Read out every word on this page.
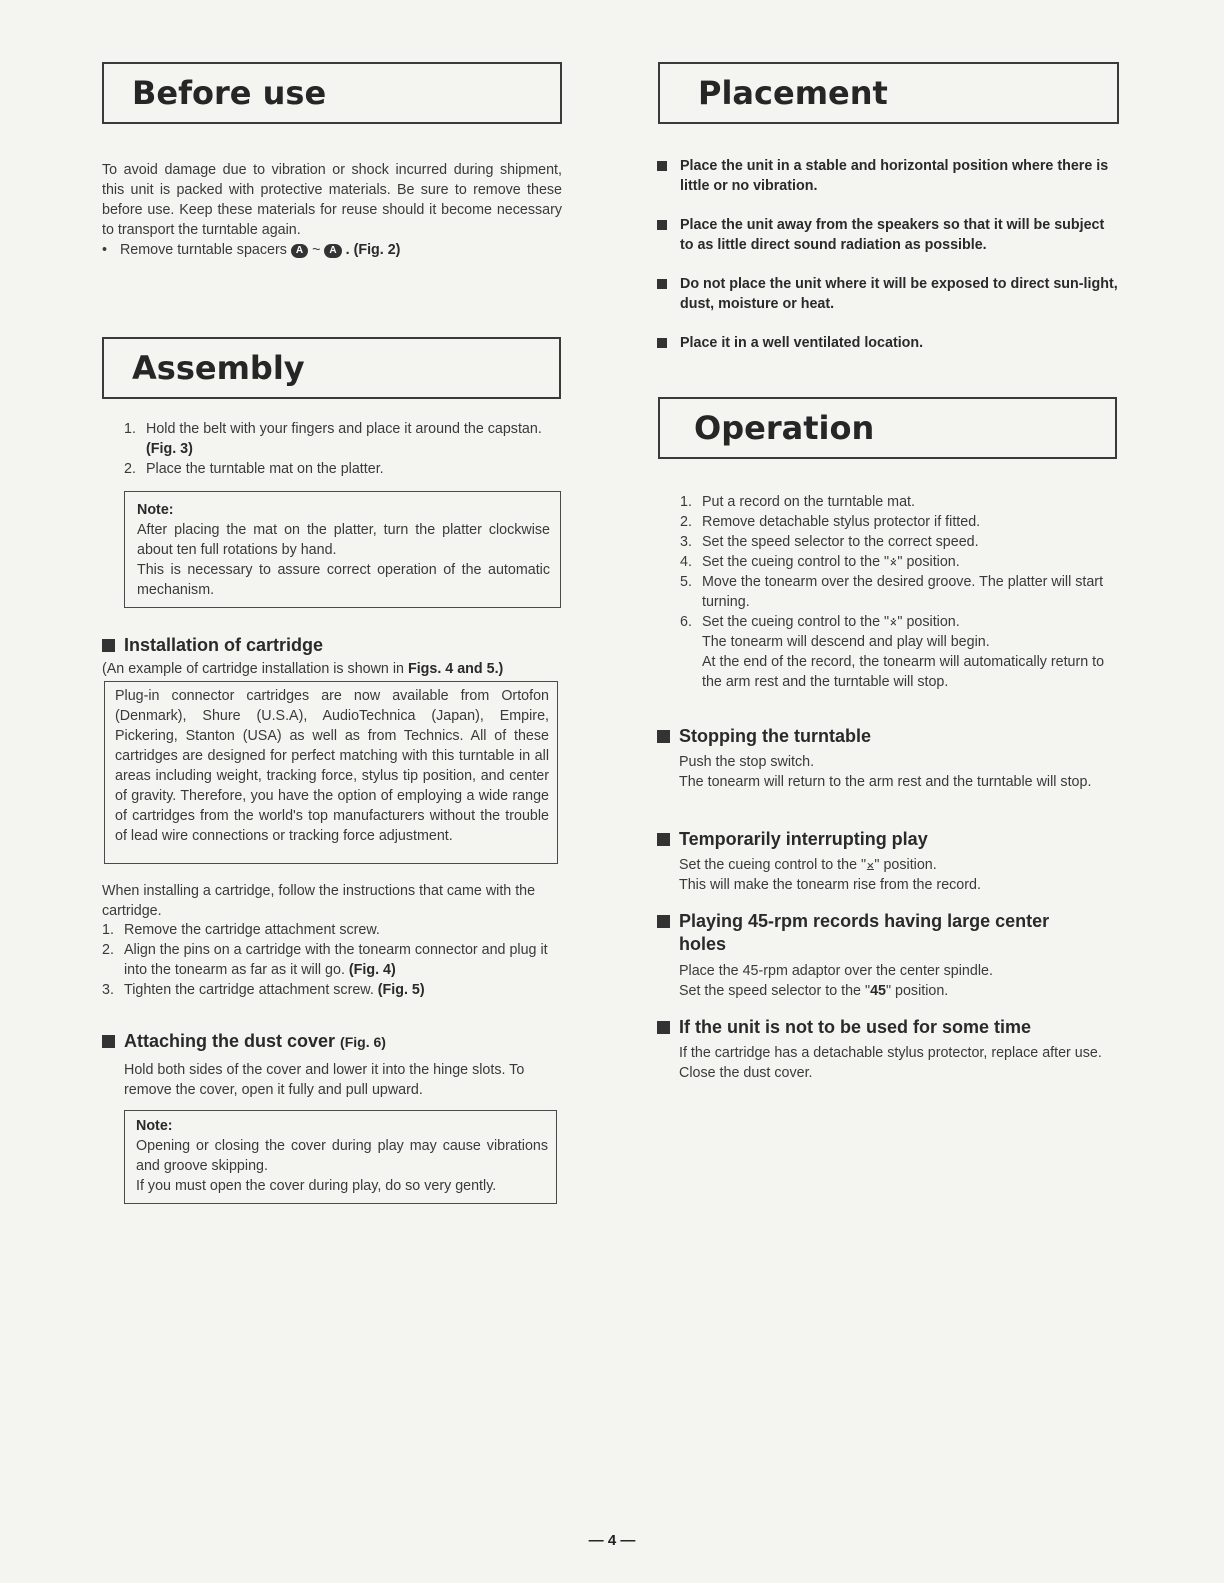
Before use

To avoid damage due to vibration or shock incurred during shipment, this unit is packed with protective materials. Be sure to remove these before use. Keep these materials for reuse should it become necessary to transport the turntable again.

• Remove turntable spacers A ~ A . (Fig. 2)
Assembly
1. Hold the belt with your fingers and place it around the capstan. (Fig. 3)
2. Place the turntable mat on the platter.
Note:
After placing the mat on the platter, turn the platter clockwise about ten full rotations by hand.
This is necessary to assure correct operation of the automatic mechanism.
Installation of cartridge
(An example of cartridge installation is shown in Figs. 4 and 5.)
Plug-in connector cartridges are now available from Ortofon (Denmark), Shure (U.S.A), AudioTechnica (Japan), Empire, Pickering, Stanton (USA) as well as from Technics. All of these cartridges are designed for perfect matching with this turntable in all areas including weight, tracking force, stylus tip position, and center of gravity. Therefore, you have the option of employing a wide range of cartridges from the world's top manufacturers without the trouble of lead wire connections or tracking force adjustment.

When installing a cartridge, follow the instructions that came with the cartridge.

1. Remove the cartridge attachment screw.
2. Align the pins on a cartridge with the tonearm connector and plug it into the tonearm as far as it will go. (Fig. 4)
3. Tighten the cartridge attachment screw. (Fig. 5)
Attaching the dust cover (Fig. 6)

Hold both sides of the cover and lower it into the hinge slots. To remove the cover, open it fully and pull upward.

Note:
Opening or closing the cover during play may cause vibrations and groove skipping.
If you must open the cover during play, do so very gently.
Placement
Place the unit in a stable and horizontal position where there is little or no vibration.
Place the unit away from the speakers so that it will be subject to as little direct sound radiation as possible.
Do not place the unit where it will be exposed to direct sun-light, dust, moisture or heat.
Place it in a well ventilated location.
Operation
1. Put a record on the turntable mat.
2. Remove detachable stylus protector if fitted.
3. Set the speed selector to the correct speed.
4. Set the cueing control to the "⨰" position.
5. Move the tonearm over the desired groove. The platter will start turning.
6. Set the cueing control to the "⨰" position.
The tonearm will descend and play will begin.
At the end of the record, the tonearm will automatically return to the arm rest and the turntable will stop.
Stopping the turntable
Push the stop switch.
The tonearm will return to the arm rest and the turntable will stop.
Temporarily interrupting play
Set the cueing control to the "⨱" position.
This will make the tonearm rise from the record.
Playing 45-rpm records having large center holes
Place the 45-rpm adaptor over the center spindle.
Set the speed selector to the "45" position.
If the unit is not to be used for some time
If the cartridge has a detachable stylus protector, replace after use.
Close the dust cover.
— 4 —
